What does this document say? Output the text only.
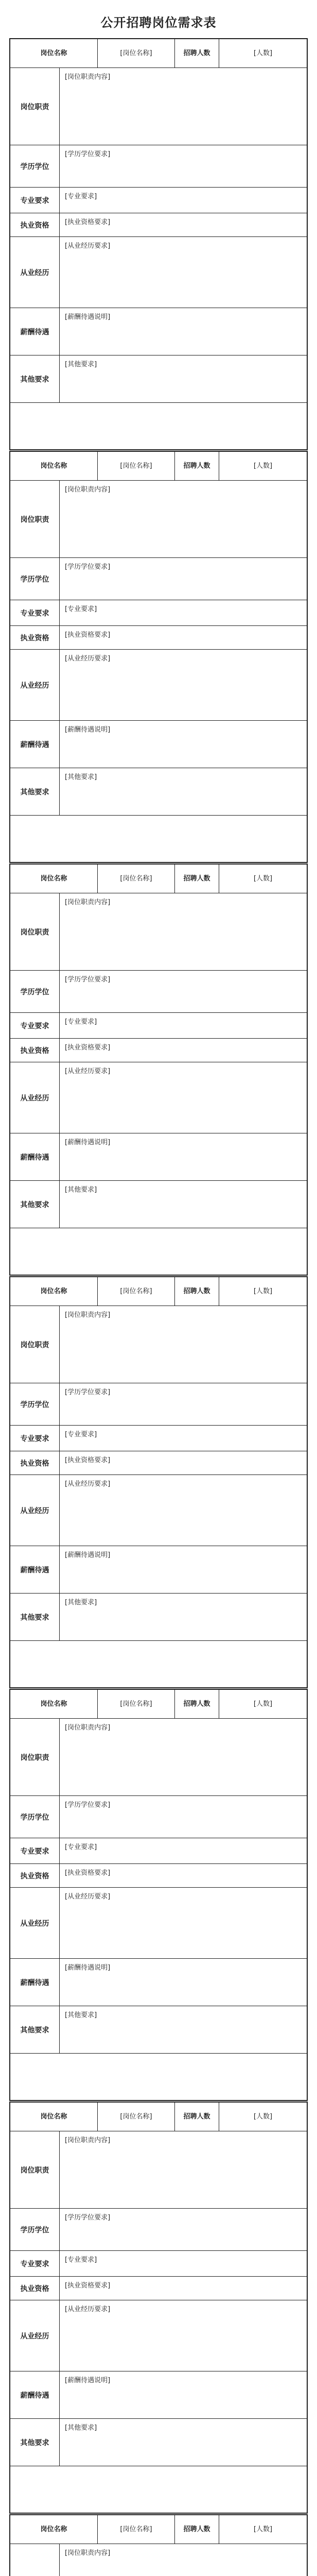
公开招聘岗位需求表
岗位名称	[岗位名称]	招聘人数	[人数]
岗位职责
[岗位职责内容]
学历学位
[学历学位要求]
专业要求	[专业要求]
执业资格	[执业资格要求]
从业经历
[从业经历要求]
薪酬待遇
[薪酬待遇说明]
其他要求
[其他要求]
岗位名称	[岗位名称]	招聘人数	[人数]
岗位职责
[岗位职责内容]
学历学位
[学历学位要求]
专业要求	[专业要求]
执业资格	[执业资格要求]
从业经历
[从业经历要求]
薪酬待遇
[薪酬待遇说明]
其他要求
[其他要求]
岗位名称	[岗位名称]	招聘人数	[人数]
岗位职责
[岗位职责内容]
学历学位
[学历学位要求]
专业要求	[专业要求]
执业资格	[执业资格要求]
从业经历
[从业经历要求]
薪酬待遇
[薪酬待遇说明]
其他要求
[其他要求]
岗位名称	[岗位名称]	招聘人数	[人数]
岗位职责
[岗位职责内容]
学历学位
[学历学位要求]
专业要求	[专业要求]
执业资格	[执业资格要求]
从业经历
[从业经历要求]
薪酬待遇
[薪酬待遇说明]
其他要求
[其他要求]
岗位名称	[岗位名称]	招聘人数	[人数]
岗位职责
[岗位职责内容]
学历学位
[学历学位要求]
专业要求	[专业要求]
执业资格	[执业资格要求]
从业经历
[从业经历要求]
薪酬待遇
[薪酬待遇说明]
其他要求
[其他要求]
岗位名称	[岗位名称]	招聘人数	[人数]
岗位职责
[岗位职责内容]
学历学位
[学历学位要求]
专业要求	[专业要求]
执业资格	[执业资格要求]
从业经历
[从业经历要求]
薪酬待遇
[薪酬待遇说明]
其他要求
[其他要求]
岗位名称	[岗位名称]	招聘人数	[人数]
[岗位职责内容]
